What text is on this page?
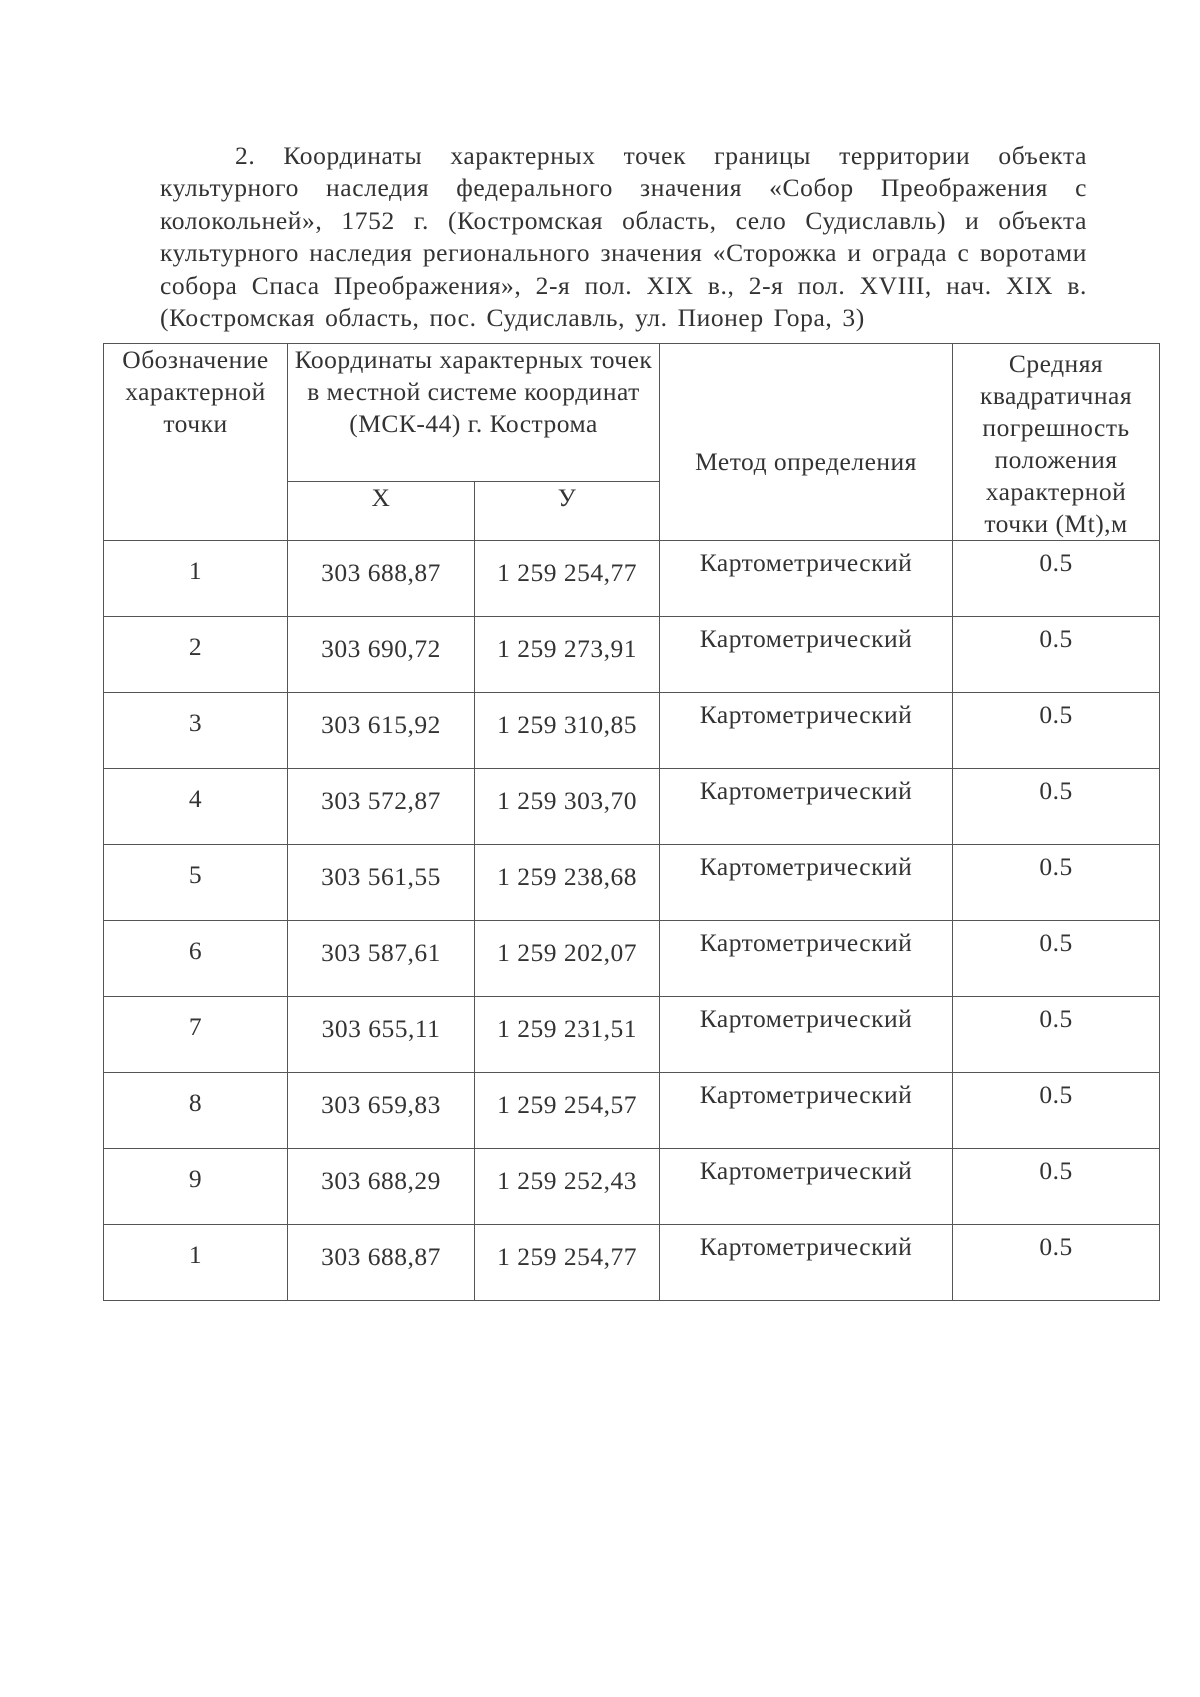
2. Координаты характерных точек границы территории объекта культурного наследия федерального значения «Собор Преображения с колокольней», 1752 г. (Костромская область, село Судиславль) и объекта культурного наследия регионального значения «Сторожка и ограда с воротами собора Спаса Преображения», 2-я пол. XIX в., 2-я пол. XVIII, нач. XIX в. (Костромская область, пос. Судиславль, ул. Пионер Гора, 3)

Обозначение характерной точки	Координаты характерных точек в местной системе координат (МСК-44) г. Кострома		Метод определения	Средняя квадратичная погрешность положения характерной точки (Mt),м
	X	У		
1	303 688,87	1 259 254,77	Картометрический	0.5
2	303 690,72	1 259 273,91	Картометрический	0.5
3	303 615,92	1 259 310,85	Картометрический	0.5
4	303 572,87	1 259 303,70	Картометрический	0.5
5	303 561,55	1 259 238,68	Картометрический	0.5
6	303 587,61	1 259 202,07	Картометрический	0.5
7	303 655,11	1 259 231,51	Картометрический	0.5
8	303 659,83	1 259 254,57	Картометрический	0.5
9	303 688,29	1 259 252,43	Картометрический	0.5
1	303 688,87	1 259 254,77	Картометрический	0.5
